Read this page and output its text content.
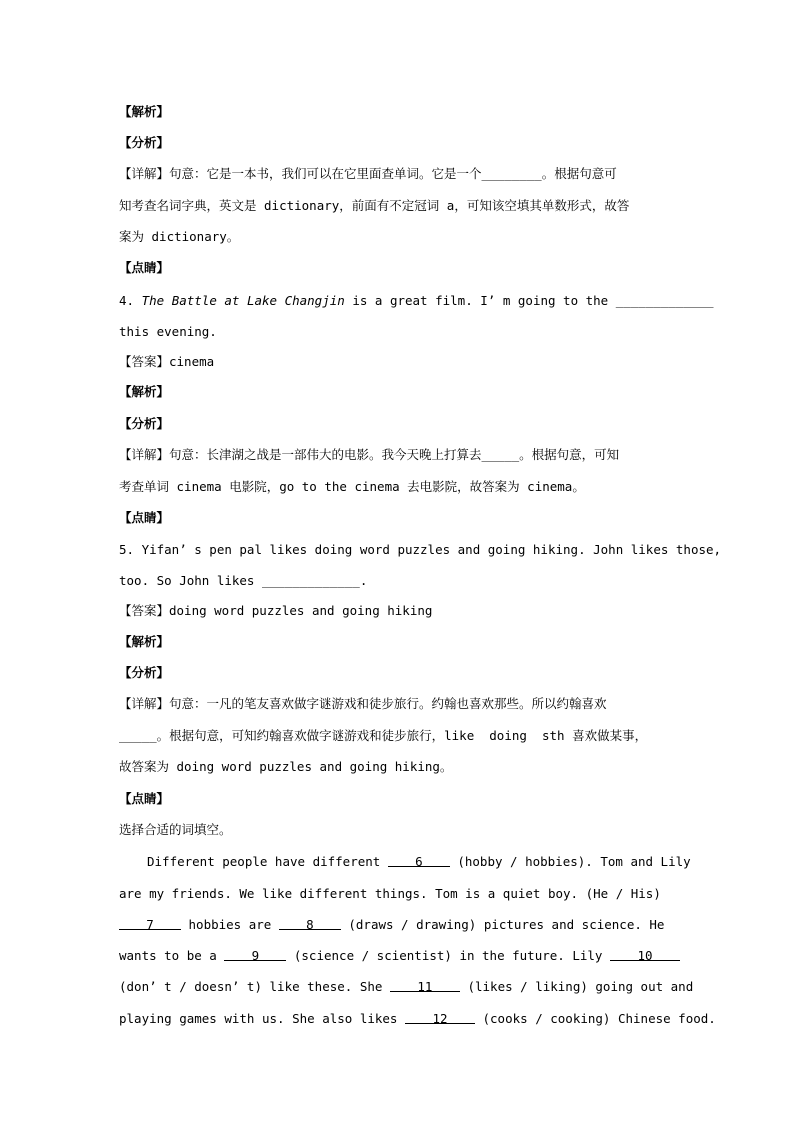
【解析】
【分析】
【详解】句意：它是一本书，我们可以在它里面查单词。它是一个________。根据句意可
知考查名词字典，英文是 dictionary，前面有不定冠词 a，可知该空填其单数形式，故答
案为 dictionary。
【点睛】
4. The Battle at Lake Changjin is a great film. I’ m going to the _____________
this evening.
【答案】cinema
【解析】
【分析】
【详解】句意：长津湖之战是一部伟大的电影。我今天晚上打算去_____。根据句意，可知
考查单词 cinema 电影院，go to the cinema 去电影院，故答案为 cinema。
【点睛】
5. Yifan’ s pen pal likes doing word puzzles and going hiking. John likes those,
too. So John likes _____________.
【答案】doing word puzzles and going hiking
【解析】
【分析】
【详解】句意：一凡的笔友喜欢做字谜游戏和徒步旅行。约翰也喜欢那些。所以约翰喜欢
_____。根据句意，可知约翰喜欢做字谜游戏和徒步旅行，like  doing  sth 喜欢做某事，
故答案为 doing word puzzles and going hiking。
【点睛】
选择合适的词填空。
Different people have different 6 (hobby / hobbies). Tom and Lily
are my friends. We like different things. Tom is a quiet boy. (He / His)
7 hobbies are 8 (draws / drawing) pictures and science. He
wants to be a 9 (science / scientist) in the future. Lily 10
(don’ t / doesn’ t) like these. She 11 (likes / liking) going out and
playing games with us. She also likes 12 (cooks / cooking) Chinese food.
